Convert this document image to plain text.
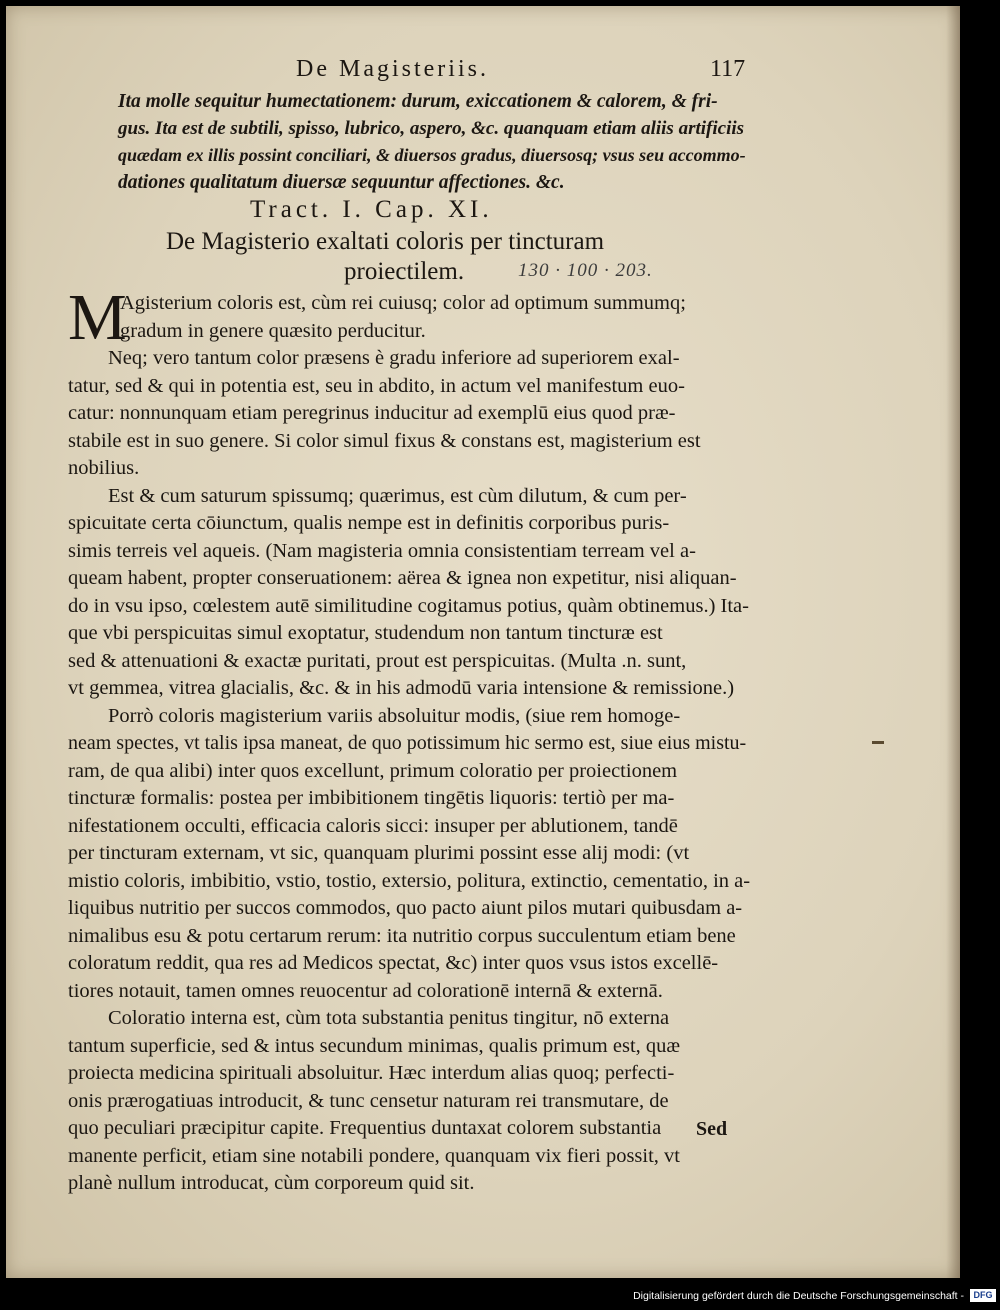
De Magisteriis.	117

Ita molle sequitur humectationem: durum, exiccationem & calorem, & fri-

gus. Ita est de subtili, spisso, lubrico, aspero, &c. quanquam etiam aliis artificiis

quædam ex illis possint conciliari, & diuersos gradus, diuersosq; vsus seu accommo-

dationes qualitatum diuersæ sequuntur affectiones. &c.

Tract. I. Cap. XI.
De Magisterio exaltati coloris per tincturam
proiectilem.	130 · 100 · 203.
M

Agisterium coloris est, cùm rei cuiusq; color ad optimum summumq;

gradum in genere quæsito perducitur.

Neq; vero tantum color præsens è gradu inferiore ad superiorem exal-

tatur, sed & qui in potentia est, seu in abdito, in actum vel manifestum euo-

catur: nonnunquam etiam peregrinus inducitur ad exemplū eius quod præ-

stabile est in suo genere. Si color simul fixus & constans est, magisterium est

nobilius.

Est & cum saturum spissumq; quærimus, est cùm dilutum, & cum per-

spicuitate certa cōiunctum, qualis nempe est in definitis corporibus puris-

simis terreis vel aqueis. (Nam magisteria omnia consistentiam terream vel a-

queam habent, propter conseruationem: aërea & ignea non expetitur, nisi aliquan-

do in vsu ipso, cœlestem autē similitudine cogitamus potius, quàm obtinemus.) Ita-

que vbi perspicuitas simul exoptatur, studendum non tantum tincturæ est

sed & attenuationi & exactæ puritati, prout est perspicuitas. (Multa .n. sunt,

vt gemmea, vitrea glacialis, &c. & in his admodū varia intensione & remissione.)

Porrò coloris magisterium variis absoluitur modis, (siue rem homoge-

neam spectes, vt talis ipsa maneat, de quo potissimum hic sermo est, siue eius mistu-

ram, de qua alibi) inter quos excellunt, primum coloratio per proiectionem

tincturæ formalis: postea per imbibitionem tingētis liquoris: tertiò per ma-

nifestationem occulti, efficacia caloris sicci: insuper per ablutionem, tandē

per tincturam externam, vt sic, quanquam plurimi possint esse alij modi: (vt

mistio coloris, imbibitio, vstio, tostio, extersio, politura, extinctio, cementatio, in a-

liquibus nutritio per succos commodos, quo pacto aiunt pilos mutari quibusdam a-

nimalibus esu & potu certarum rerum: ita nutritio corpus succulentum etiam bene

coloratum reddit, qua res ad Medicos spectat, &c) inter quos vsus istos excellē-

tiores notauit, tamen omnes reuocentur ad colorationē internā & externā.

Coloratio interna est, cùm tota substantia penitus tingitur, nō externa

tantum superficie, sed & intus secundum minimas, qualis primum est, quæ

proiecta medicina spirituali absoluitur. Hæc interdum alias quoq; perfecti-

onis prærogatiuas introducit, & tunc censetur naturam rei transmutare, de

quo peculiari præcipitur capite. Frequentius duntaxat colorem substantia

manente perficit, etiam sine notabili pondere, quanquam vix fieri possit, vt

planè nullum introducat, cùm corporeum quid sit.

Sed
Digitalisierung gefördert durch die Deutsche Forschungsgemeinschaft -	DFG
